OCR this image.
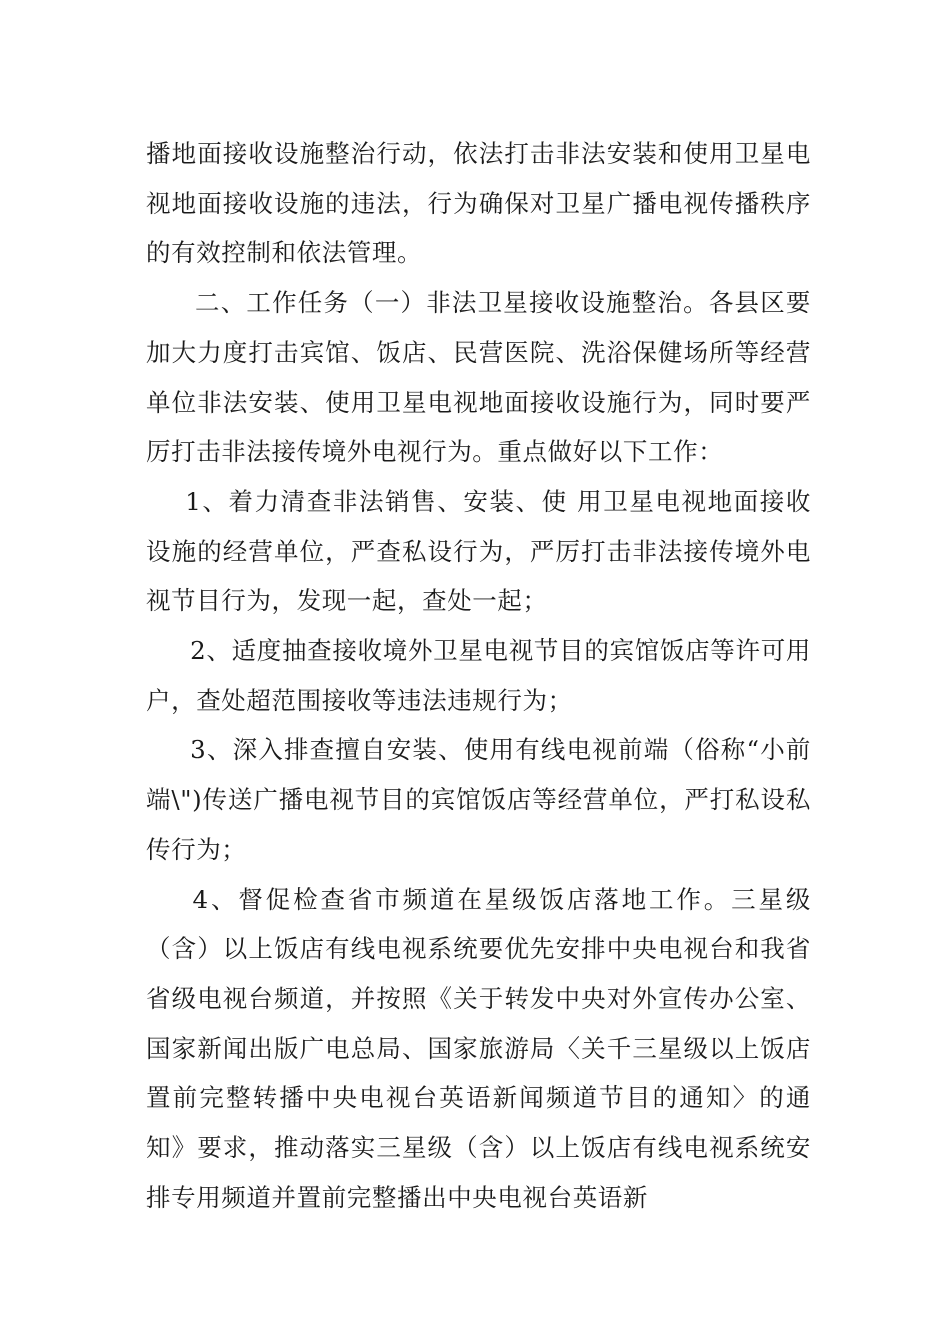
播地面接收设施整治行动，依法打击非法安装和使用卫星电视地面接收设施的违法，行为确保对卫星广播电视传播秩序的有效控制和依法管理。

二、工作任务（一）非法卫星接收设施整治。各县区要加大力度打击宾馆、饭店、民营医院、洗浴保健场所等经营单位非法安装、使用卫星电视地面接收设施行为，同时要严厉打击非法接传境外电视行为。重点做好以下工作：

1、着力清查非法销售、安装、使 用卫星电视地面接收设施的经营单位，严查私设行为，严厉打击非法接传境外电视节目行为，发现一起，查处一起；

2、适度抽查接收境外卫星电视节目的宾馆饭店等许可用户，查处超范围接收等违法违规行为；

3、深入排查擅自安装、使用有线电视前端（俗称“小前端\")传送广播电视节目的宾馆饭店等经营单位，严打私设私传行为；

4、督促检查省市频道在星级饭店落地工作。三星级（含）以上饭店有线电视系统要优先安排中央电视台和我省省级电视台频道，并按照《关于转发中央对外宣传办公室、国家新闻出版广电总局、国家旅游局〈关千三星级以上饭店置前完整转播中央电视台英语新闻频道节目的通知〉的通知》要求，推动落实三星级（含）以上饭店有线电视系统安排专用频道并置前完整播出中央电视台英语新
